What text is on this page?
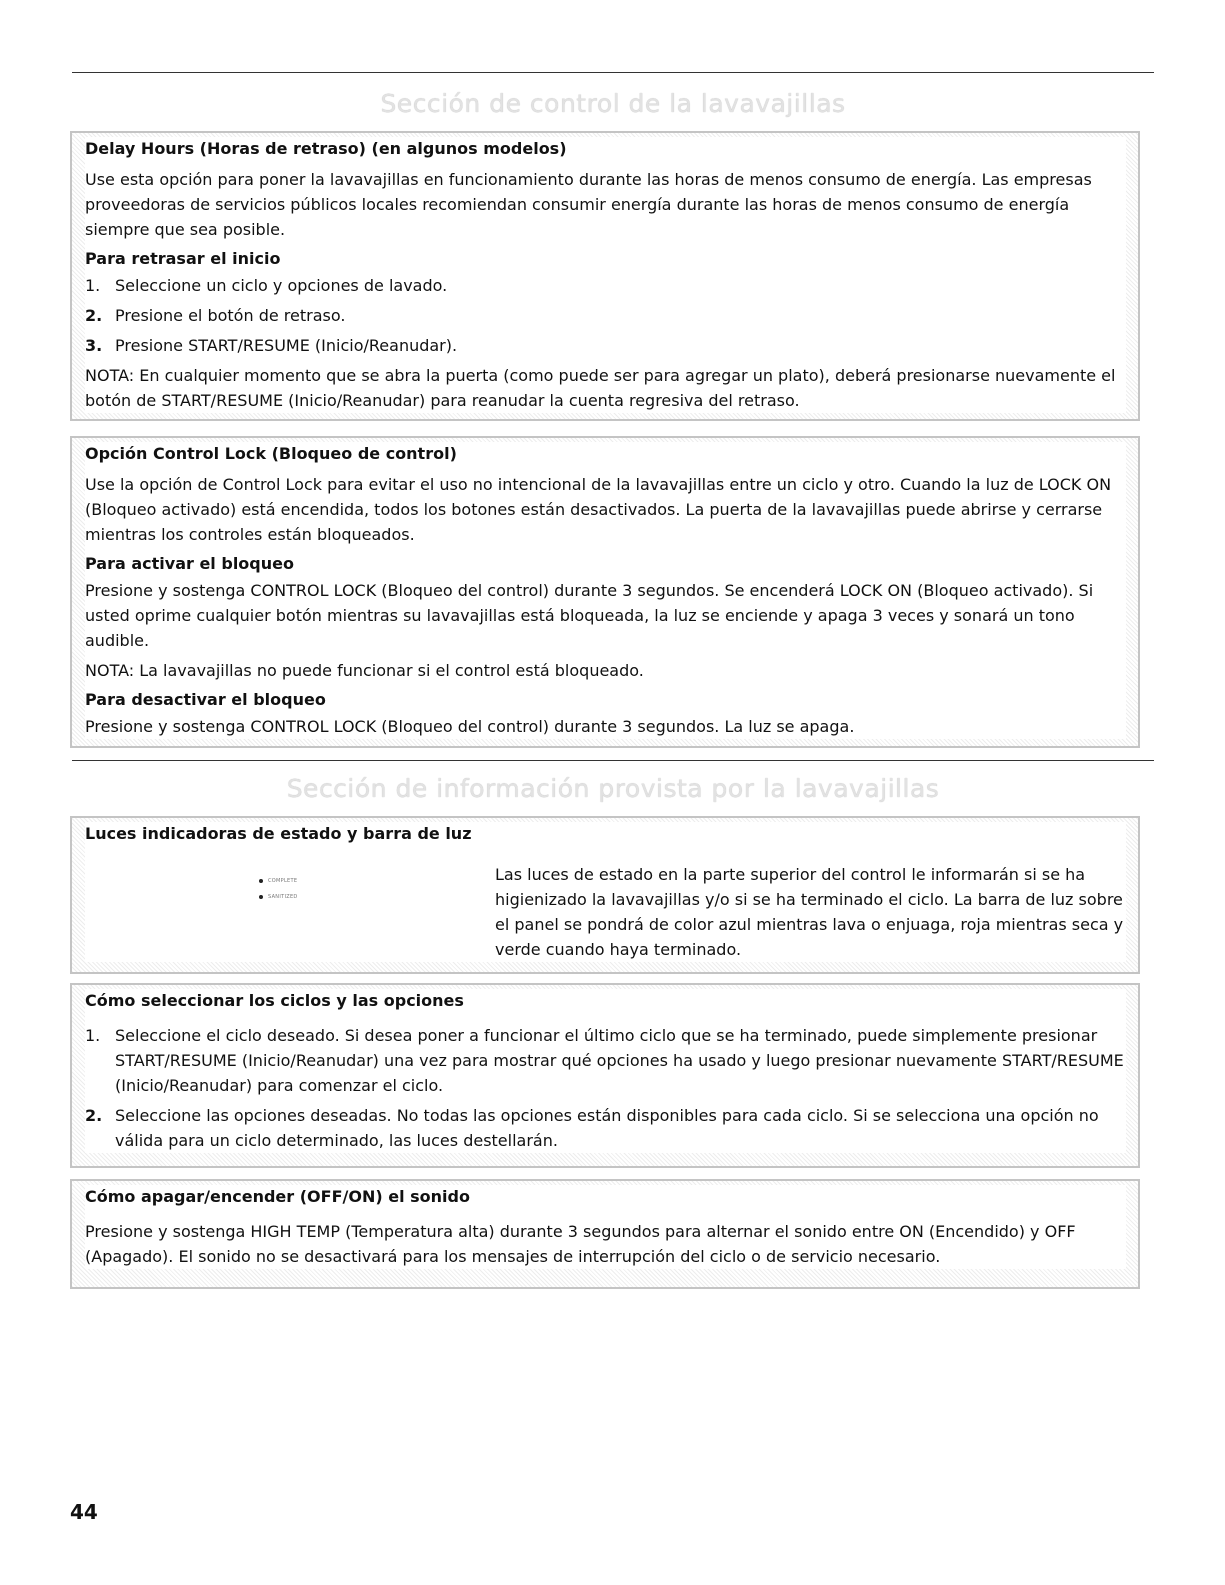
Sección de control de la lavavajillas
Delay Hours (Horas de retraso) (en algunos modelos)

Use esta opción para poner la lavavajillas en funcionamiento durante las horas de menos consumo de energía. Las empresas proveedoras de servicios públicos locales recomiendan consumir energía durante las horas de menos consumo de energía siempre que sea posible.

Para retrasar el inicio
1. Seleccione un ciclo y opciones de lavado.
2. Presione el botón de retraso.
3. Presione START/RESUME (Inicio/Reanudar).

NOTA: En cualquier momento que se abra la puerta (como puede ser para agregar un plato), deberá presionarse nuevamente el botón de START/RESUME (Inicio/Reanudar) para reanudar la cuenta regresiva del retraso.

Opción Control Lock (Bloqueo de control)

Use la opción de Control Lock para evitar el uso no intencional de la lavavajillas entre un ciclo y otro. Cuando la luz de LOCK ON (Bloqueo activado) está encendida, todos los botones están desactivados. La puerta de la lavavajillas puede abrirse y cerrarse mientras los controles están bloqueados.

Para activar el bloqueo

Presione y sostenga CONTROL LOCK (Bloqueo del control) durante 3 segundos. Se encenderá LOCK ON (Bloqueo activado). Si usted oprime cualquier botón mientras su lavavajillas está bloqueada, la luz se enciende y apaga 3 veces y sonará un tono audible.

NOTA: La lavavajillas no puede funcionar si el control está bloqueado.

Para desactivar el bloqueo

Presione y sostenga CONTROL LOCK (Bloqueo del control) durante 3 segundos. La luz se apaga.

Sección de información provista por la lavavajillas
Luces indicadoras de estado y barra de luz
COMPLETE
SANITIZED
Las luces de estado en la parte superior del control le informarán si se ha higienizado la lavavajillas y/o si se ha terminado el ciclo. La barra de luz sobre el panel se pondrá de color azul mientras lava o enjuaga, roja mientras seca y verde cuando haya terminado.
Cómo seleccionar los ciclos y las opciones
1. Seleccione el ciclo deseado. Si desea poner a funcionar el último ciclo que se ha terminado, puede simplemente presionar START/RESUME (Inicio/Reanudar) una vez para mostrar qué opciones ha usado y luego presionar nuevamente START/RESUME (Inicio/Reanudar) para comenzar el ciclo.
2. Seleccione las opciones deseadas. No todas las opciones están disponibles para cada ciclo. Si se selecciona una opción no válida para un ciclo determinado, las luces destellarán.
Cómo apagar/encender (OFF/ON) el sonido

Presione y sostenga HIGH TEMP (Temperatura alta) durante 3 segundos para alternar el sonido entre ON (Encendido) y OFF (Apagado). El sonido no se desactivará para los mensajes de interrupción del ciclo o de servicio necesario.

44
